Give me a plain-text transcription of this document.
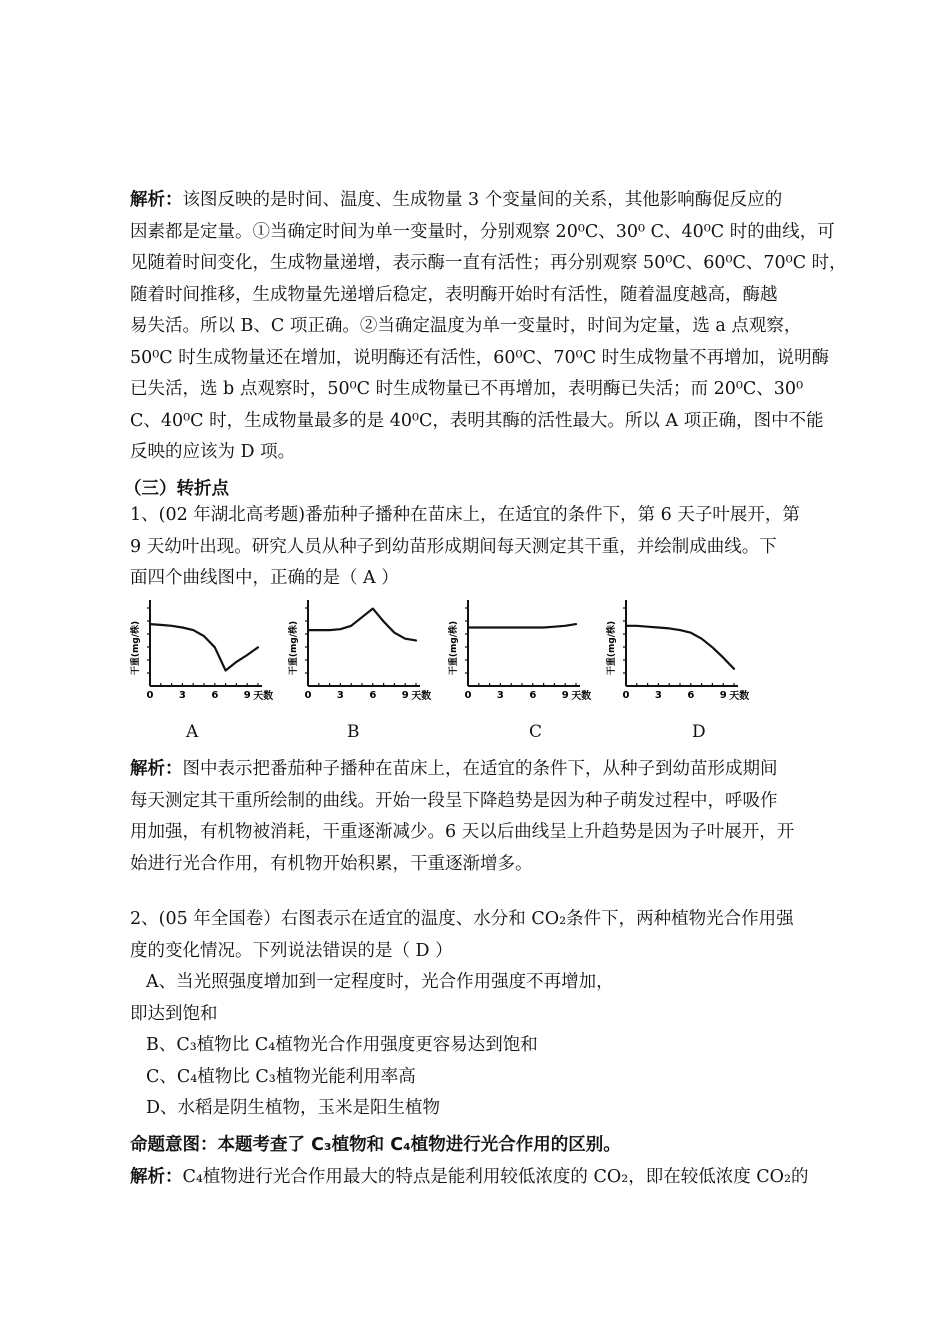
解析：该图反映的是时间、温度、生成物量 3 个变量间的关系，其他影响酶促反应的
因素都是定量。①当确定时间为单一变量时，分别观察 20⁰C、30⁰ C、40⁰C 时的曲线，可
见随着时间变化，生成物量递增，表示酶一直有活性；再分别观察 50⁰C、60⁰C、70⁰C 时，
随着时间推移，生成物量先递增后稳定，表明酶开始时有活性，随着温度越高，酶越
易失活。所以 B、C 项正确。②当确定温度为单一变量时，时间为定量，选 a 点观察，
50⁰C 时生成物量还在增加，说明酶还有活性，60⁰C、70⁰C 时生成物量不再增加，说明酶
已失活，选 b 点观察时，50⁰C 时生成物量已不再增加，表明酶已失活；而 20⁰C、30⁰
C、40⁰C 时，生成物量最多的是 40⁰C，表明其酶的活性最大。所以 A 项正确，图中不能
反映的应该为 D 项。
（三）转折点
1、(02 年湖北高考题)番茄种子播种在苗床上，在适宜的条件下，第 6 天子叶展开，第
9 天幼叶出现。研究人员从种子到幼苗形成期间每天测定其干重，并绘制成曲线。下
面四个曲线图中，正确的是（ A ）
干重(mg/株)
0	3	6	9 天数
干重(mg/株)
0	3	6	9 天数
干重(mg/株)
0	3	6	9 天数
干重(mg/株)
0	3	6	9 天数
A	B	C	D
解析：图中表示把番茄种子播种在苗床上，在适宜的条件下，从种子到幼苗形成期间
每天测定其干重所绘制的曲线。开始一段呈下降趋势是因为种子萌发过程中，呼吸作
用加强，有机物被消耗，干重逐渐减少。6 天以后曲线呈上升趋势是因为子叶展开，开
始进行光合作用，有机物开始积累，干重逐渐增多。
2、(05 年全国卷）右图表示在适宜的温度、水分和 CO₂条件下，两种植物光合作用强
度的变化情况。下列说法错误的是（ D ）
A、当光照强度增加到一定程度时，光合作用强度不再增加，
即达到饱和
B、C₃植物比 C₄植物光合作用强度更容易达到饱和
C、C₄植物比 C₃植物光能利用率高
D、水稻是阴生植物，玉米是阳生植物
命题意图：本题考查了 C₃植物和 C₄植物进行光合作用的区别。
解析：C₄植物进行光合作用最大的特点是能利用较低浓度的 CO₂，即在较低浓度 CO₂的
